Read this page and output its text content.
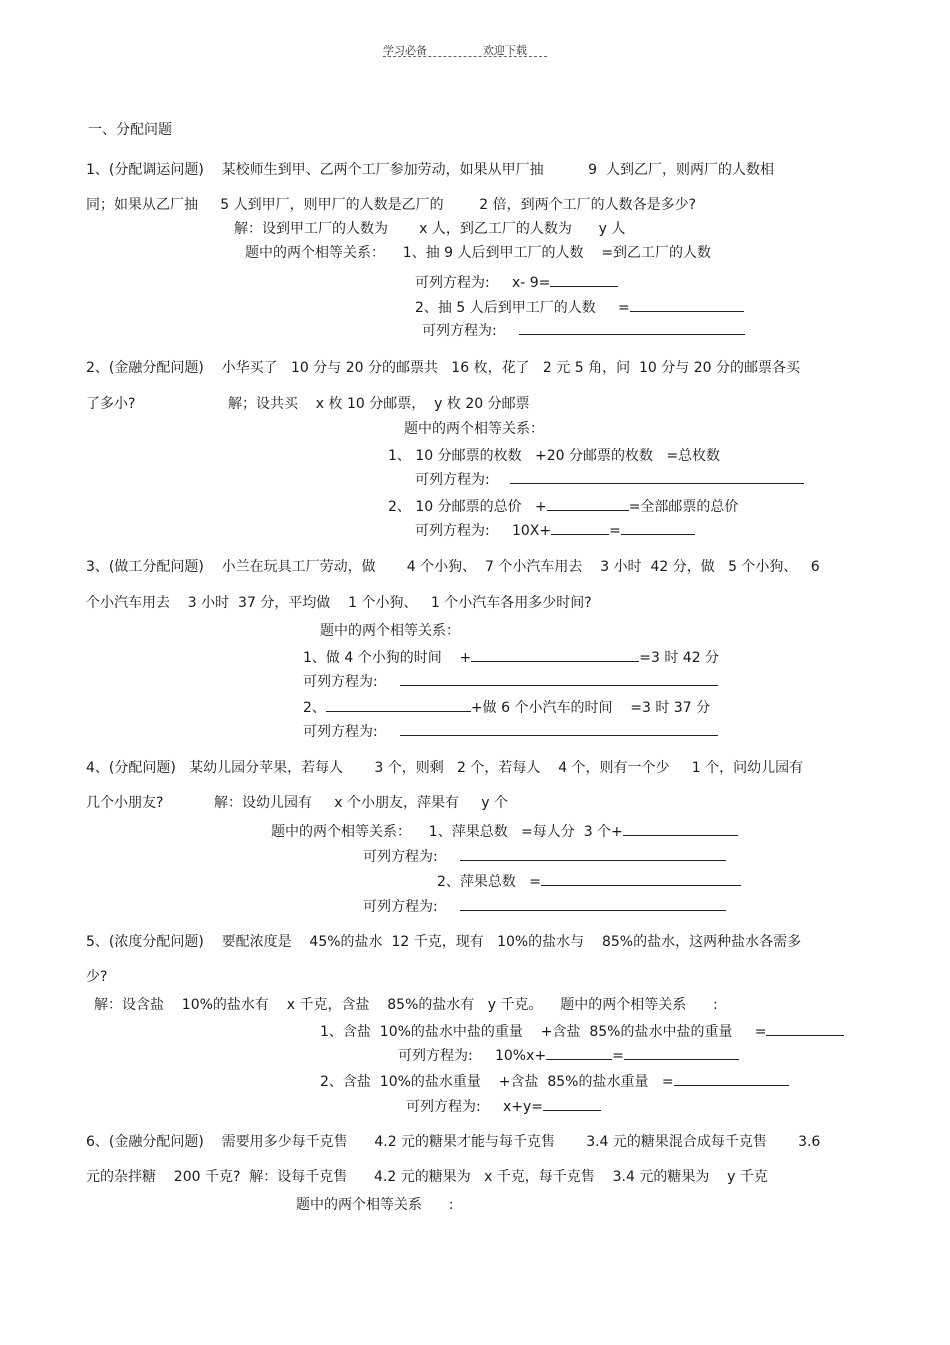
学习必备	欢迎下载
一、分配问题
1、(分配调运问题)    某校师生到甲、乙两个工厂参加劳动，如果从甲厂抽          9  人到乙厂，则两厂的人数相
同；如果从乙厂抽     5 人到甲厂，则甲厂的人数是乙厂的        2 倍，到两个工厂的人数各是多少?
解：设到甲工厂的人数为       x 人，到乙工厂的人数为      y 人
题中的两个相等关系：    1、抽 9 人后到甲工厂的人数    =到乙工厂的人数
可列方程为:     x- 9=
2、抽 5 人后到甲工厂的人数     =
可列方程为:
2、(金融分配问题)    小华买了   10 分与 20 分的邮票共   16 枚，花了   2 元 5 角，问  10 分与 20 分的邮票各买
了多小?	解；设共买    x 枚 10 分邮票，  y 枚 20 分邮票
题中的两个相等关系：
1、 10 分邮票的枚数   +20 分邮票的枚数   =总枚数
可列方程为:
2、 10 分邮票的总价   +	=全部邮票的总价
可列方程为:     10X+	=
3、(做工分配问题)    小兰在玩具工厂劳动，做       4 个小狗、  7 个小汽车用去    3 小时  42 分，做   5 个小狗、   6
个小汽车用去    3 小时  37 分，平均做    1 个小狗、   1 个小汽车各用多少时间?
题中的两个相等关系：
1、做 4 个小狗的时间    +	=3 时 42 分
可列方程为:
2、	+做 6 个小汽车的时间    =3 时 37 分
可列方程为:
4、(分配问题)   某幼儿园分苹果，若每人       3 个，则剩   2 个，若每人    4 个，则有一个少     1 个，问幼儿园有
几个小朋友?	解：设幼儿园有     x 个小朋友，萍果有     y 个
题中的两个相等关系：    1、萍果总数   =每人分  3 个+
可列方程为:
2、萍果总数   =
可列方程为:
5、(浓度分配问题)    要配浓度是    45%的盐水  12 千克，现有   10%的盐水与    85%的盐水，这两种盐水各需多
少?
解：设含盐    10%的盐水有    x 千克，含盐    85%的盐水有   y 千克。    题中的两个相等关系      :
1、含盐  10%的盐水中盐的重量    +含盐  85%的盐水中盐的重量     =
可列方程为:     10%x+	=
2、含盐  10%的盐水重量    +含盐  85%的盐水重量   =
可列方程为:     x+y=
6、(金融分配问题)    需要用多少每千克售      4.2 元的糖果才能与每千克售       3.4 元的糖果混合成每千克售       3.6
元的杂拌糖    200 千克?  解：设每千克售      4.2 元的糖果为   x 千克，每千克售    3.4 元的糖果为    y 千克
题中的两个相等关系      :
